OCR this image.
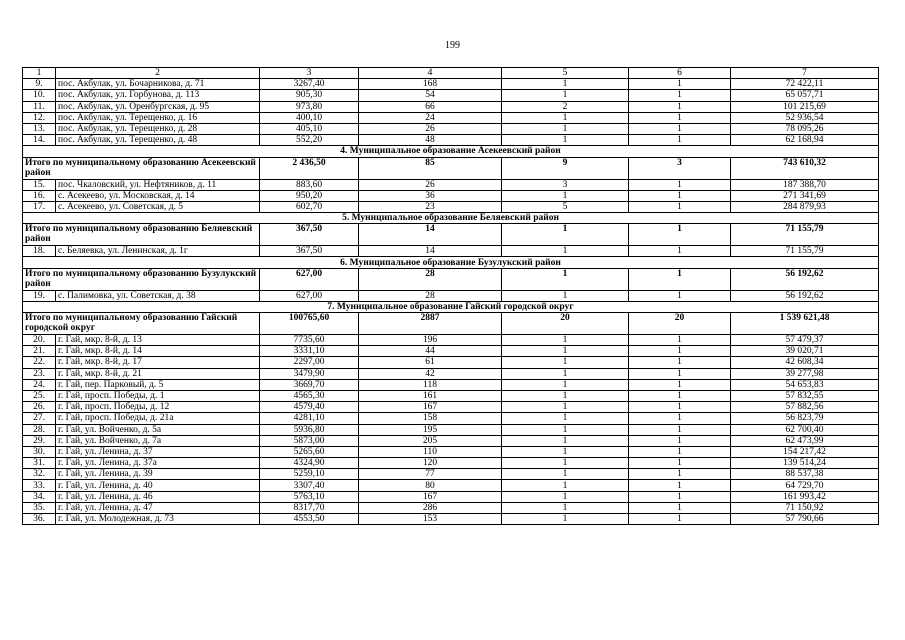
199
1	2	3	4	5	6	7
9.	пос. Акбулак, ул. Бочарникова, д. 71	3267,40	168	1	1	72 422,11
10.	пос. Акбулак, ул. Горбунова, д. 113	905,30	54	1	1	65 057,71
11.	пос. Акбулак, ул. Оренбургская, д. 95	973,80	66	2	1	101 215,69
12.	пос. Акбулак, ул. Терещенко, д. 16	400,10	24	1	1	52 936,54
13.	пос. Акбулак, ул. Терещенко, д. 28	405,10	26	1	1	78 095,26
14.	пос. Акбулак, ул. Терещенко, д. 48	552,20	48	1	1	62 168,94
4. Муниципальное образование Асекеевский район						
Итого по муниципальному образованию Асекеевский район		2 436,50	85	9	3	743 610,32
15.	пос. Чкаловский, ул. Нефтяников, д. 11	883,60	26	3	1	187 388,70
16.	с. Асекеево, ул. Московская, д. 14	950,20	36	1	1	271 341,69
17.	с. Асекеево, ул. Советская, д. 5	602,70	23	5	1	284 879,93
5. Муниципальное образование Беляевский район						
Итого по муниципальному образованию Беляевский район		367,50	14	1	1	71 155,79
18.	с. Беляевка, ул. Ленинская, д. 1г	367,50	14	1	1	71 155,79
6. Муниципальное образование Бузулукский район						
Итого по муниципальному образованию Бузулукский район		627,00	28	1	1	56 192,62
19.	с. Палимовка, ул. Советская, д. 38	627,00	28	1	1	56 192,62
7. Муниципальное образование Гайский городской округ						
Итого по муниципальному образованию Гайский городской округ		100765,60	2887	20	20	1 539 621,48
20.	г. Гай, мкр. 8-й, д. 13	7735,60	196	1	1	57 479,37
21.	г. Гай, мкр. 8-й, д. 14	3331,10	44	1	1	39 020,71
22.	г. Гай, мкр. 8-й, д. 17	2297,00	61	1	1	42 608,34
23.	г. Гай, мкр. 8-й, д. 21	3479,90	42	1	1	39 277,98
24.	г. Гай, пер. Парковый, д. 5	3669,70	118	1	1	54 653,83
25.	г. Гай, просп. Победы, д. 1	4565,30	161	1	1	57 832,55
26.	г. Гай, просп. Победы, д. 12	4579,40	167	1	1	57 882,56
27.	г. Гай, просп. Победы, д. 21а	4281,10	158	1	1	56 823,79
28.	г. Гай, ул. Войченко, д. 5а	5936,80	195	1	1	62 700,40
29.	г. Гай, ул. Войченко, д. 7а	5873,00	205	1	1	62 473,99
30.	г. Гай, ул. Ленина, д. 37	5265,60	110	1	1	154 217,42
31.	г. Гай, ул. Ленина, д. 37а	4324,90	120	1	1	139 514,24
32.	г. Гай, ул. Ленина, д. 39	5259,10	77	1	1	88 537,38
33.	г. Гай, ул. Ленина, д. 40	3307,40	80	1	1	64 729,70
34.	г. Гай, ул. Ленина, д. 46	5763,10	167	1	1	161 993,42
35.	г. Гай, ул. Ленина, д. 47	8317,70	286	1	1	71 150,92
36.	г. Гай, ул. Молодежная, д. 73	4553,50	153	1	1	57 790,66
